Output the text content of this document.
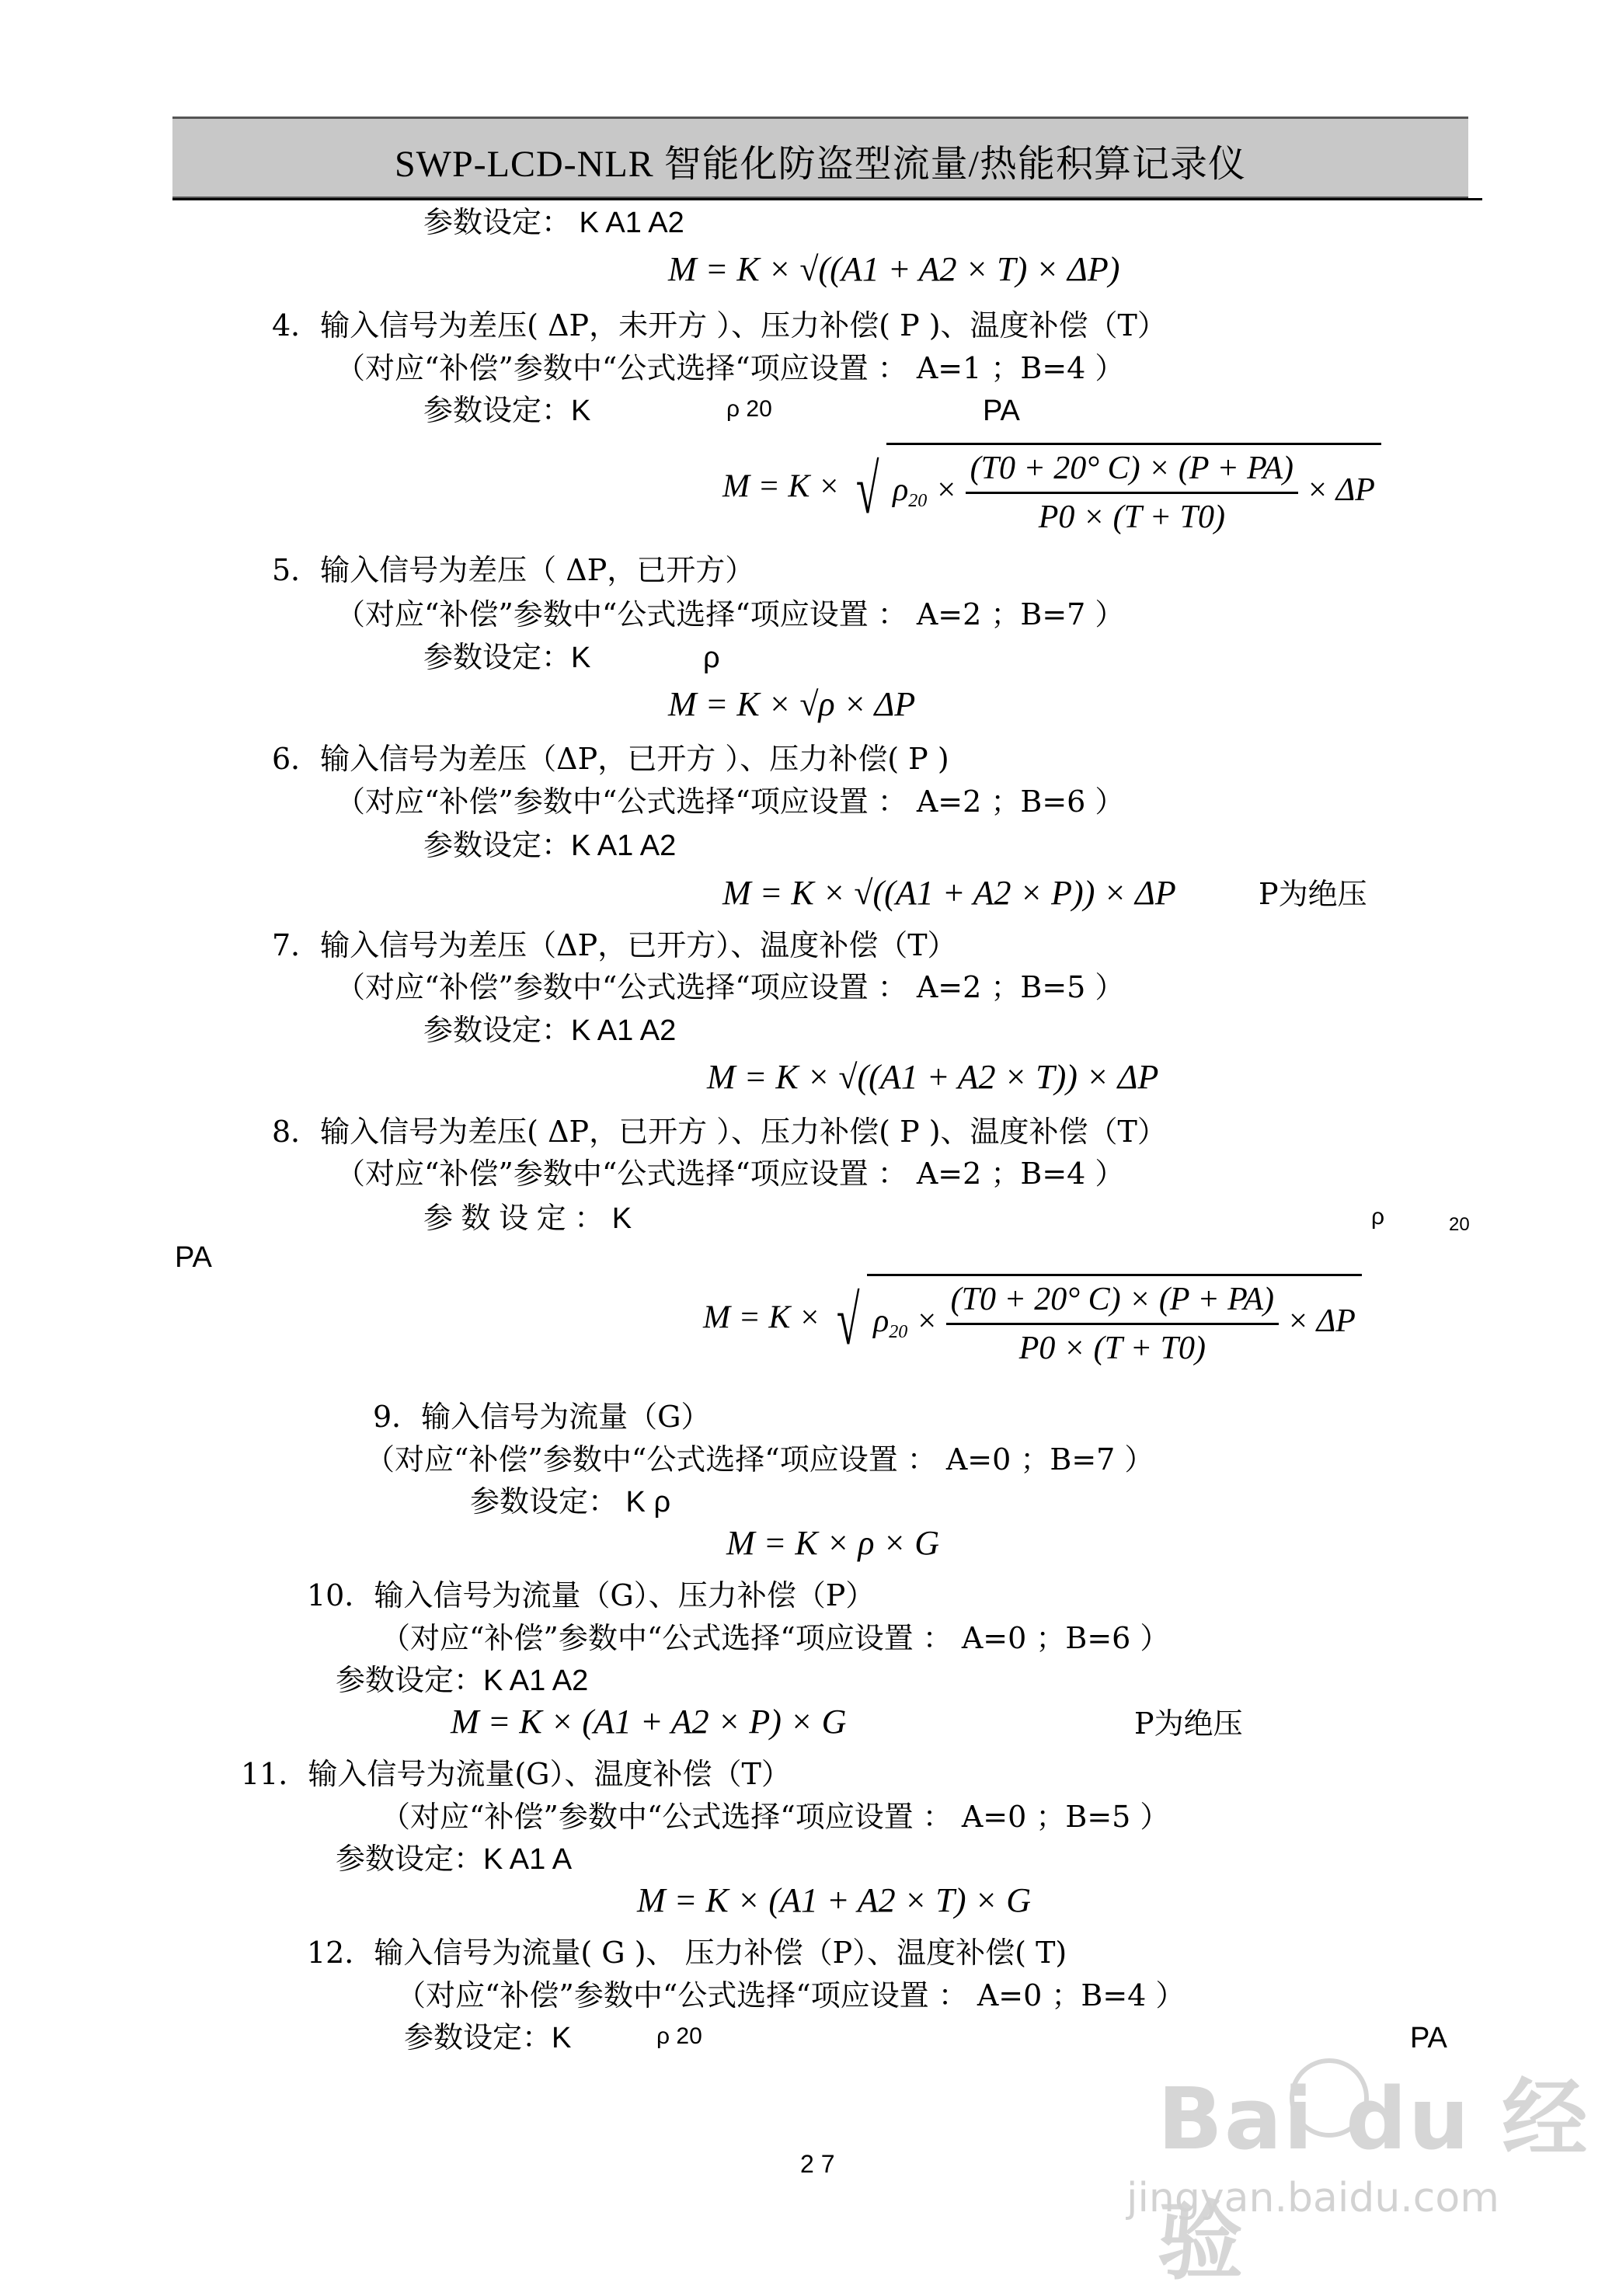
SWP-LCD-NLR 智能化防盗型流量/热能积算记录仪
参数设定： K A1 A2
M = K × √((A1 + A2 × T) × ΔP)
4．输入信号为差压( ΔP，未开方 ）、压力补偿( P )、温度补偿（T）
（对应“补偿”参数中“公式选择“项应设置 ： A=1 ；B=4 ）
参数设定：K	ρ 20	PA
M = K × √ $\rho_{20} \times \frac{(T0 + 20^\circ C) \times (P + PA)}{P0 \times (T + T0)} \times \Delta P$
5．输入信号为差压（ ΔP，已开方）
（对应“补偿”参数中“公式选择“项应设置 ： A=2 ；B=7 ）
参数设定：K	ρ
M = K × √ρ × ΔP
6．输入信号为差压（ΔP，已开方 ）、压力补偿( P )
（对应“补偿”参数中“公式选择“项应设置 ： A=2 ；B=6 ）
参数设定：K A1 A2
M = K × √((A1 + A2 × P)) × ΔP	P为绝压
7．输入信号为差压（ΔP，已开方）、温度补偿（T）
（对应“补偿”参数中“公式选择“项应设置 ： A=2 ；B=5 ）
参数设定：K A1 A2
M = K × √((A1 + A2 × T)) × ΔP
8．输入信号为差压( ΔP，已开方 ）、压力补偿( P )、温度补偿（T）
（对应“补偿”参数中“公式选择“项应设置 ： A=2 ；B=4 ）
参 数 设 定 ： K	ρ	20
PA
M = K × √ $\rho_{20} \times \frac{(T0 + 20^\circ C) \times (P + PA)}{P0 \times (T + T0)} \times \Delta P$
9．输入信号为流量（G）
（对应“补偿”参数中“公式选择“项应设置 ： A=0 ；B=7 ）
参数设定： K ρ
M = K × ρ × G
10．输入信号为流量（G）、压力补偿（P）
（对应“补偿”参数中“公式选择“项应设置 ： A=0 ；B=6 ）
参数设定：K A1 A2
M = K × (A1 + A2 × P) × G	P为绝压
11．输入信号为流量(G）、温度补偿（T）
（对应“补偿”参数中“公式选择“项应设置 ： A=0 ；B=5 ）
参数设定：K A1 A
M = K × (A1 + A2 × T) × G
12．输入信号为流量( G )、 压力补偿（P）、温度补偿( T)
（对应“补偿”参数中“公式选择“项应设置 ： A=0 ；B=4 ）
参数设定：K	ρ 20	PA
2 7	Bai du 经验
jingyan.baidu.com
